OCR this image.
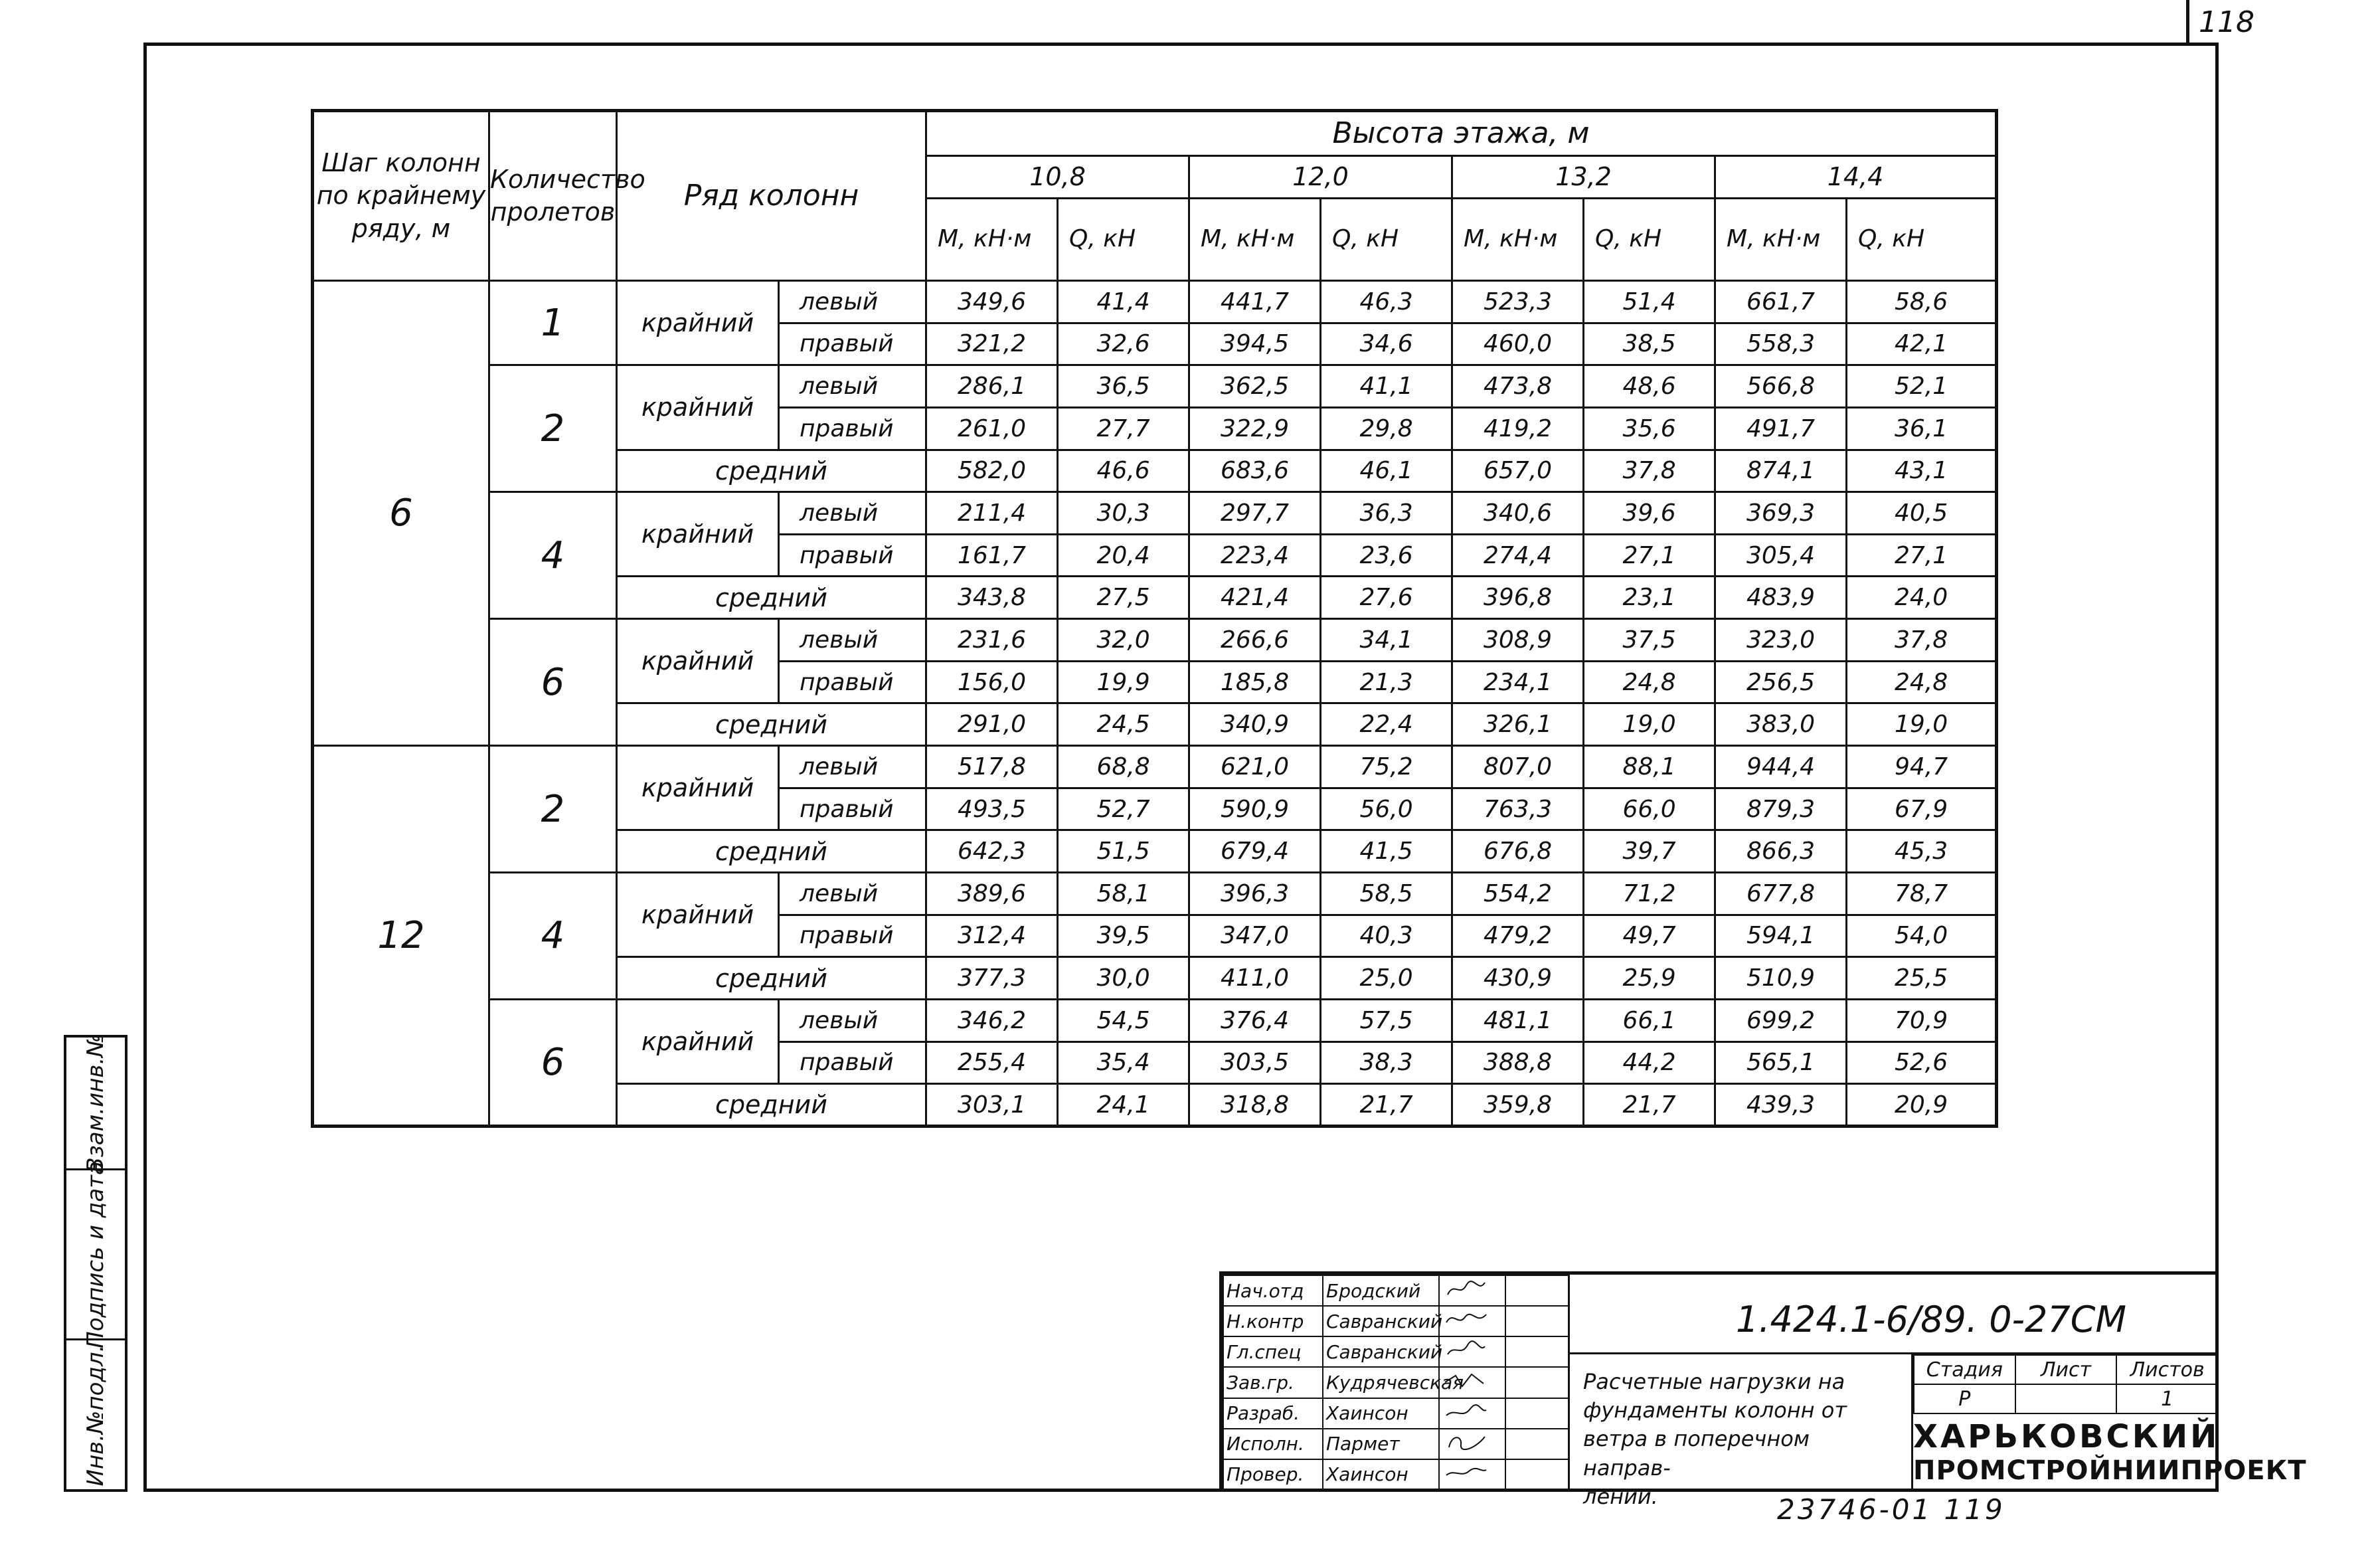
118
Шаг колонн по крайнему ряду, м	Количество пролетов	Ряд колонн		Высота этажа, м							
				10,8		12,0		13,2		14,4	
				М, кН·м	Q, кН	М, кН·м	Q, кН	М, кН·м	Q, кН	М, кН·м	Q, кН
6	1	крайний	левый	349,6	41,4	441,7	46,3	523,3	51,4	661,7	58,6
			правый	321,2	32,6	394,5	34,6	460,0	38,5	558,3	42,1
	2	крайний	левый	286,1	36,5	362,5	41,1	473,8	48,6	566,8	52,1
			правый	261,0	27,7	322,9	29,8	419,2	35,6	491,7	36,1
		средний		582,0	46,6	683,6	46,1	657,0	37,8	874,1	43,1
	4	крайний	левый	211,4	30,3	297,7	36,3	340,6	39,6	369,3	40,5
			правый	161,7	20,4	223,4	23,6	274,4	27,1	305,4	27,1
		средний		343,8	27,5	421,4	27,6	396,8	23,1	483,9	24,0
	6	крайний	левый	231,6	32,0	266,6	34,1	308,9	37,5	323,0	37,8
			правый	156,0	19,9	185,8	21,3	234,1	24,8	256,5	24,8
		средний		291,0	24,5	340,9	22,4	326,1	19,0	383,0	19,0
12	2	крайний	левый	517,8	68,8	621,0	75,2	807,0	88,1	944,4	94,7
			правый	493,5	52,7	590,9	56,0	763,3	66,0	879,3	67,9
		средний		642,3	51,5	679,4	41,5	676,8	39,7	866,3	45,3
	4	крайний	левый	389,6	58,1	396,3	58,5	554,2	71,2	677,8	78,7
			правый	312,4	39,5	347,0	40,3	479,2	49,7	594,1	54,0
		средний		377,3	30,0	411,0	25,0	430,9	25,9	510,9	25,5
	6	крайний	левый	346,2	54,5	376,4	57,5	481,1	66,1	699,2	70,9
			правый	255,4	35,4	303,5	38,3	388,8	44,2	565,1	52,6
		средний		303,1	24,1	318,8	21,7	359,8	21,7	439,3	20,9
Взам.инв.№
Подпись и дата
Инв.№подл.
Нач.отд	Бродский		
Н.контр	Савранский		
Гл.спец	Савранский		
Зав.гр.	Кудрячевская		
Разраб.	Хаинсон		
Исполн.	Пармет		
Провер.	Хаинсон		
1.424.1-6/89. 0-27СМ
Расчетные нагрузки на
фундаменты колонн от
ветра в поперечном направ-
лении.
Стадия	Лист	Листов
Р		1
ХАРЬКОВСКИЙ
ПРОМСТРОЙНИИПРОЕКТ
23746-01 119
